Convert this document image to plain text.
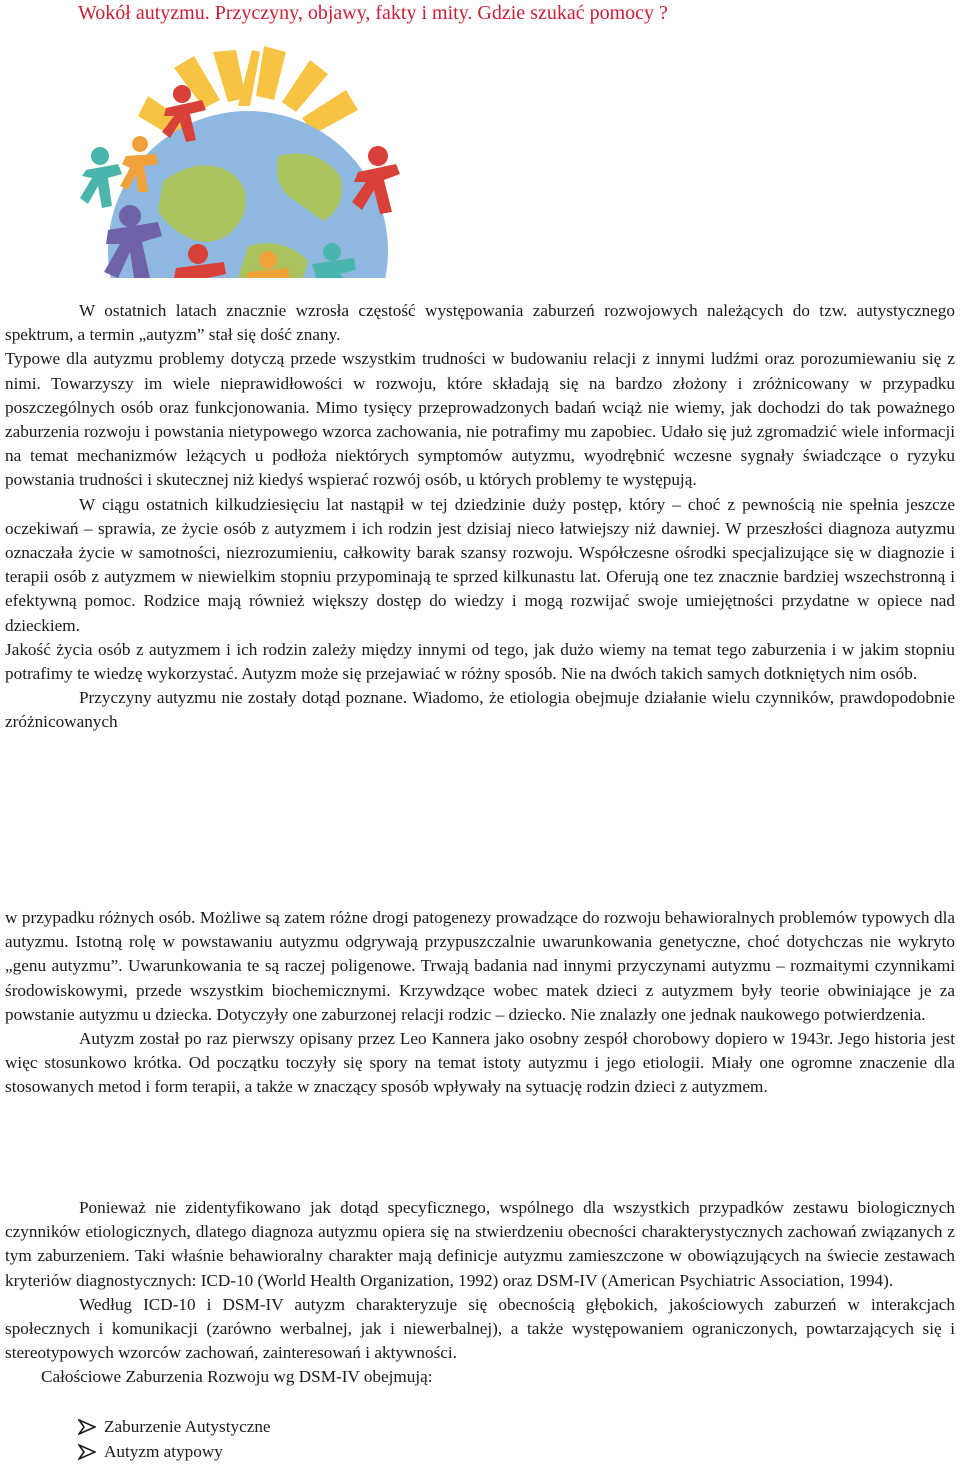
Wokół autyzmu. Przyczyny, objawy, fakty i mity. Gdzie szukać pomocy ?

W ostatnich latach znacznie wzrosła częstość występowania zaburzeń rozwojowych należących do tzw. autystycznego spektrum, a termin „autyzm” stał się dość znany.

Typowe dla autyzmu problemy dotyczą przede wszystkim trudności w budowaniu relacji z innymi ludźmi oraz porozumiewaniu się z nimi. Towarzyszy im wiele nieprawidłowości w rozwoju, które składają się na bardzo złożony i zróżnicowany w przypadku poszczególnych osób oraz funkcjonowania. Mimo tysięcy przeprowadzonych badań wciąż nie wiemy, jak dochodzi do tak poważnego zaburzenia rozwoju i powstania nietypowego wzorca zachowania, nie potrafimy mu zapobiec. Udało się już zgromadzić wiele informacji na temat mechanizmów leżących u podłoża niektórych symptomów autyzmu, wyodrębnić wczesne sygnały świadczące o ryzyku powstania trudności i skutecznej niż kiedyś wspierać rozwój osób, u których problemy te występują.

W ciągu ostatnich kilkudziesięciu lat nastąpił w tej dziedzinie duży postęp, który – choć z pewnością nie spełnia jeszcze oczekiwań – sprawia, ze życie osób z autyzmem i ich rodzin jest dzisiaj nieco łatwiejszy niż dawniej. W przeszłości diagnoza autyzmu oznaczała życie w samotności, niezrozumieniu, całkowity barak szansy rozwoju. Współczesne ośrodki specjalizujące się w diagnozie i terapii osób z autyzmem w niewielkim stopniu przypominają te sprzed kilkunastu lat. Oferują one tez znacznie bardziej wszechstronną i efektywną pomoc. Rodzice mają również większy dostęp do wiedzy i mogą rozwijać swoje umiejętności przydatne w opiece nad dzieckiem.

Jakość życia osób z autyzmem i ich rodzin zależy między innymi od tego, jak dużo wiemy na temat tego zaburzenia i w jakim stopniu potrafimy te wiedzę wykorzystać. Autyzm może się przejawiać w różny sposób. Nie na dwóch takich samych dotkniętych nim osób.

Przyczyny autyzmu nie zostały dotąd poznane. Wiadomo, że etiologia obejmuje działanie wielu czynników, prawdopodobnie zróżnicowanych

w przypadku różnych osób. Możliwe są zatem różne drogi patogenezy prowadzące do rozwoju behawioralnych problemów typowych dla autyzmu. Istotną rolę w powstawaniu autyzmu odgrywają przypuszczalnie uwarunkowania genetyczne, choć dotychczas nie wykryto „genu autyzmu”. Uwarunkowania te są raczej poligenowe. Trwają badania nad innymi przyczynami autyzmu – rozmaitymi czynnikami środowiskowymi, przede wszystkim biochemicznymi. Krzywdzące wobec matek dzieci z autyzmem były teorie obwiniające je za powstanie autyzmu u dziecka. Dotyczyły one zaburzonej relacji rodzic – dziecko. Nie znalazły one jednak naukowego potwierdzenia.

Autyzm został po raz pierwszy opisany przez Leo Kannera jako osobny zespół chorobowy dopiero w 1943r. Jego historia jest więc stosunkowo krótka. Od początku toczyły się spory na temat istoty autyzmu i jego etiologii. Miały one ogromne znaczenie dla stosowanych metod i form terapii, a także w znaczący sposób wpływały na sytuację rodzin dzieci z autyzmem.

Ponieważ nie zidentyfikowano jak dotąd specyficznego, wspólnego dla wszystkich przypadków zestawu biologicznych czynników etiologicznych, dlatego diagnoza autyzmu opiera się na stwierdzeniu obecności charakterystycznych zachowań związanych z tym zaburzeniem. Taki właśnie behawioralny charakter mają definicje autyzmu zamieszczone w obowiązujących na świecie zestawach kryteriów diagnostycznych: ICD-10 (World Health Organization, 1992) oraz DSM-IV (American Psychiatric Association, 1994).

Według ICD-10 i DSM-IV autyzm charakteryzuje się obecnością głębokich, jakościowych zaburzeń w interakcjach społecznych i komunikacji (zarówno werbalnej, jak i niewerbalnej), a także występowaniem ograniczonych, powtarzających się i stereotypowych wzorców zachowań, zainteresowań i aktywności.

Całościowe Zaburzenia Rozwoju wg DSM-IV obejmują:

Zaburzenie Autystyczne
Autyzm atypowy
